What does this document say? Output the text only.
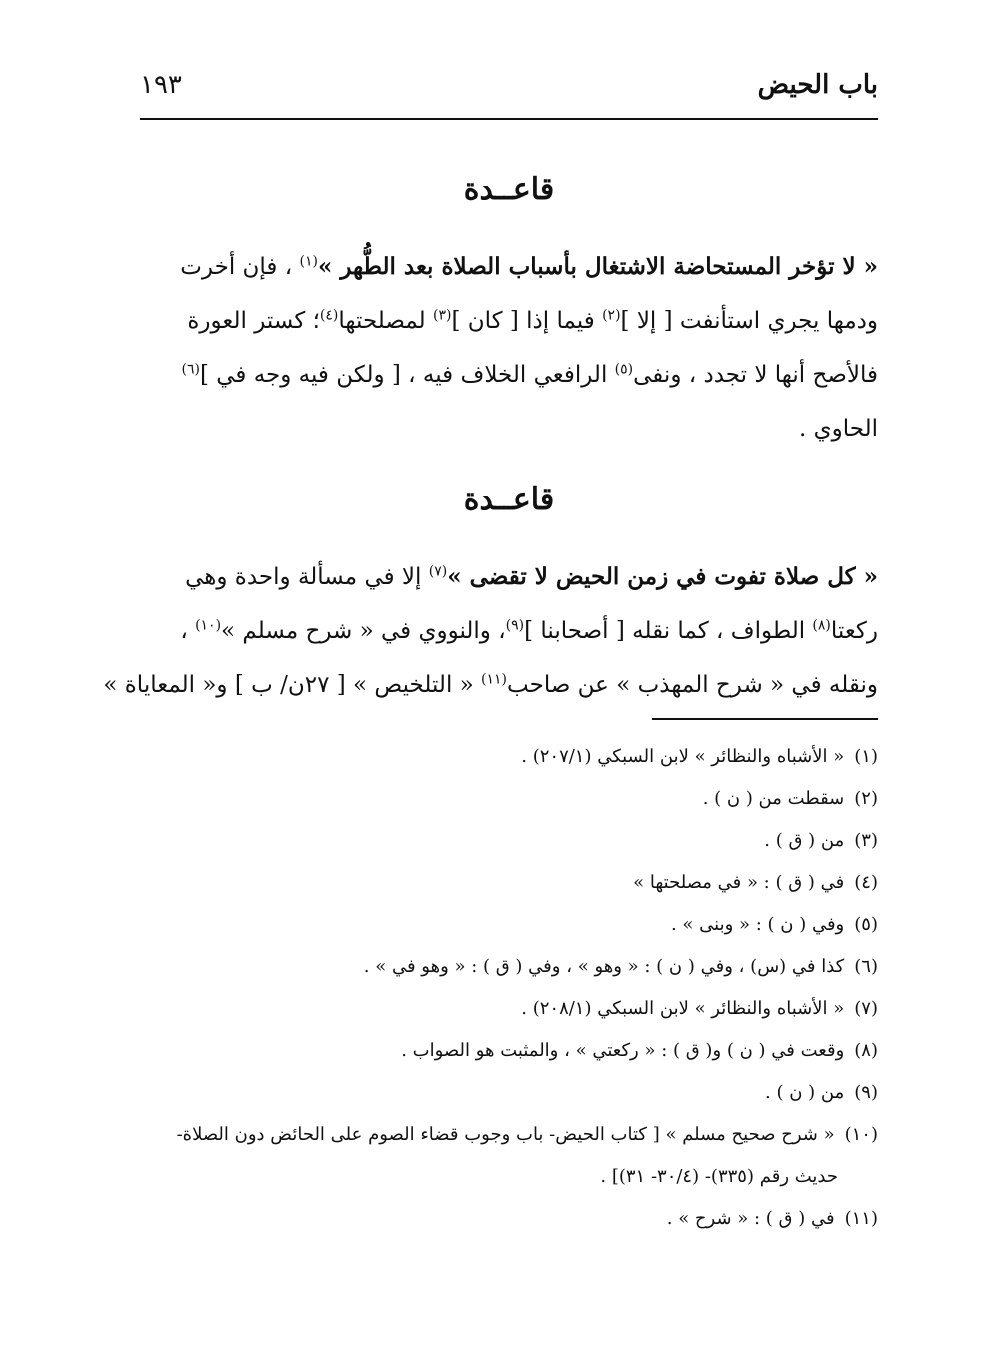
باب الحيض
١٩٣
قاعــدة
« لا تؤخر المستحاضة الاشتغال بأسباب الصلاة بعد الطُّهر »$^{(١)}$ ، فإن أخرت
ودمها يجري استأنفت [ إلا ]$^{(٢)}$ فيما إذا [ كان ]$^{(٣)}$ لمصلحتها$^{(٤)}$؛ كستر العورة
فالأصح أنها لا تجدد ، ونفى$^{(٥)}$ الرافعي الخلاف فيه ، [ ولكن فيه وجه في ]$^{(٦)}$
الحاوي .
قاعــدة
« كل صلاة تفوت في زمن الحيض لا تقضى »$^{(٧)}$ إلا في مسألة واحدة وهي
ركعتا$^{(٨)}$ الطواف ، كما نقله [ أصحابنا ]$^{(٩)}$، والنووي في « شرح مسلم »$^{(١٠)}$ ،
ونقله في « شرح المهذب » عن صاحب$^{(١١)}$ « التلخيص » [ ٢٧ن/ ب ] و« المعاياة »
(١)« الأشباه والنظائر » لابن السبكي (٢٠٧/١) .
(٢)سقطت من ( ن ) .
(٣)من ( ق ) .
(٤)في ( ق ) : « في مصلحتها »
(٥)وفي ( ن ) : « وبنى » .
(٦)كذا في (س) ، وفي ( ن ) : « وهو » ، وفي ( ق ) : « وهو في » .
(٧)« الأشباه والنظائر » لابن السبكي (٢٠٨/١) .
(٨)وقعت في ( ن ) و( ق ) : « ركعتي » ، والمثبت هو الصواب .
(٩)من ( ن ) .
(١٠)« شرح صحيح مسلم » [ كتاب الحيض- باب وجوب قضاء الصوم على الحائض دون الصلاة-
حديث رقم (٣٣٥)- (٣٠/٤- ٣١)] .
(١١)في ( ق ) : « شرح » .
